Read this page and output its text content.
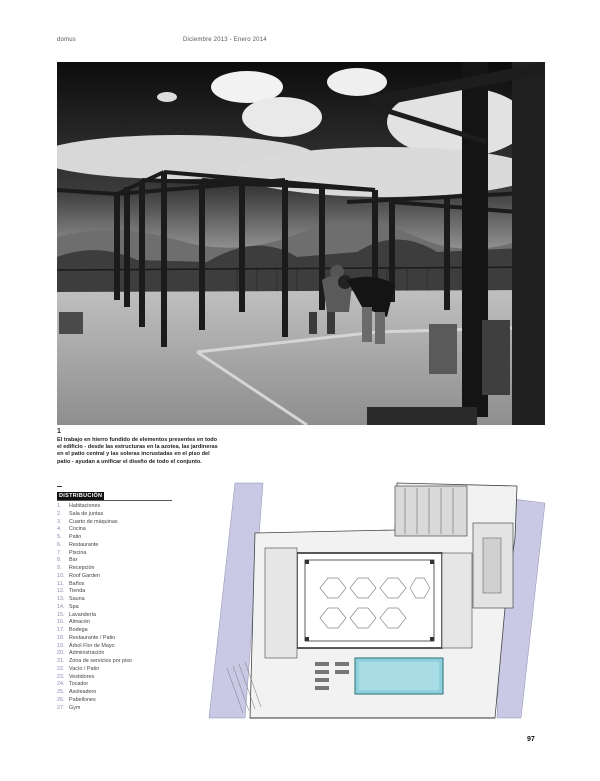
domus	Diciembre 2013 - Enero 2014
1
El trabajo en hierro fundido de elementos presentes en todo el edificio - desde las estructuras en la azotea, las jardineras en el patio central y las soleras incrustadas en el piso del patio - ayudan a unificar el diseño de todo el conjunto.
DISTRIBUCIÓN
1. Habitaciones
2. Sala de juntas
3. Cuarto de máquinas
4. Cocina
5. Patio
6. Restaurante
7. Piscina
8. Bar
9. Recepción
10. Roof Garden
11. Baños
12. Tienda
13. Sauna
14. Spa
15. Lavandería
16. Almacén
17. Bodega
18. Restaurante / Patio
19. Árbol Flor de Mayo
20. Administración
21. Zona de servicios por piso
22. Vacío / Patio
23. Vestidores
24. Tocador
25. Asoleadero
26. Pabellones
27. Gym
97
